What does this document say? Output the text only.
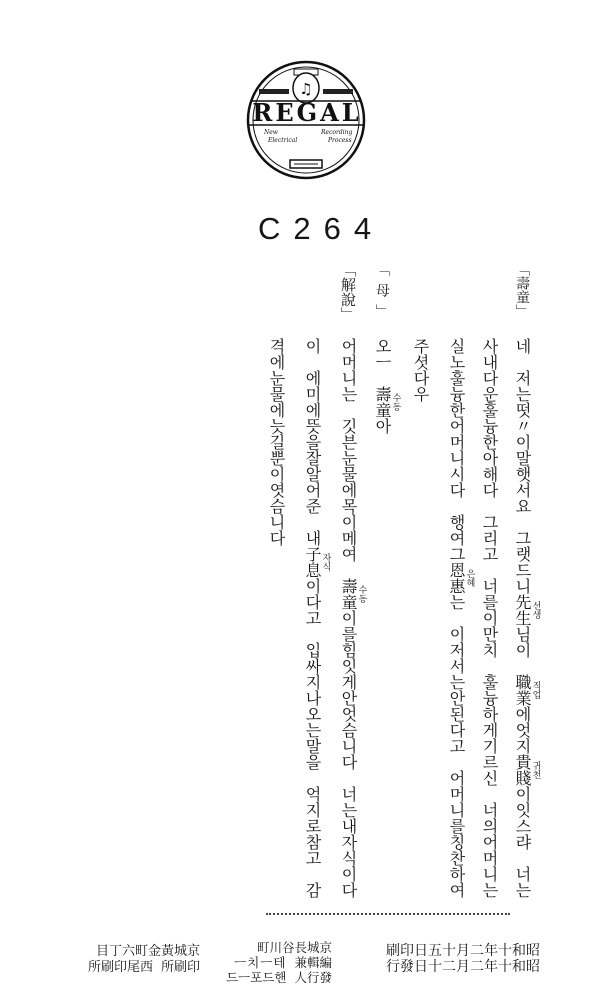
♫
REGAL
New
Electrical
Recording
Process
C264
「壽童」
「母」
「解說」
네　저는떳〃이말햇서요　그랫드니先生선생님이　職業직업에엇지貴賤귀천이잇스랴　너는
사내다운훌늉한아해다　그리고　너를이만치　훌늉하게기르신　너의어머니는
실노훌늉한어머니시다　행여그恩惠은혜는　이저서는안된다고　어머니를칭찬하여
주셧다우
오ㅡ　壽童수동아
어머니는　깃븐눈물에목이메여　壽童수동이를힘잇게안엇슴니다　너는내자식이다
이　에미에뜻을잘알어준　내子息자식이다고　입싸지나오는말을　억지로참고　감
격에눈물에늣길뿐이엿슴니다
京城黃金町六丁目
印刷所西尾印刷所
京城長谷川町
編輯兼테ㅡ치ㅡ
發行人핸드포ㅡ드
昭和十年二月十五日印刷
昭和十年二月二十日發行
